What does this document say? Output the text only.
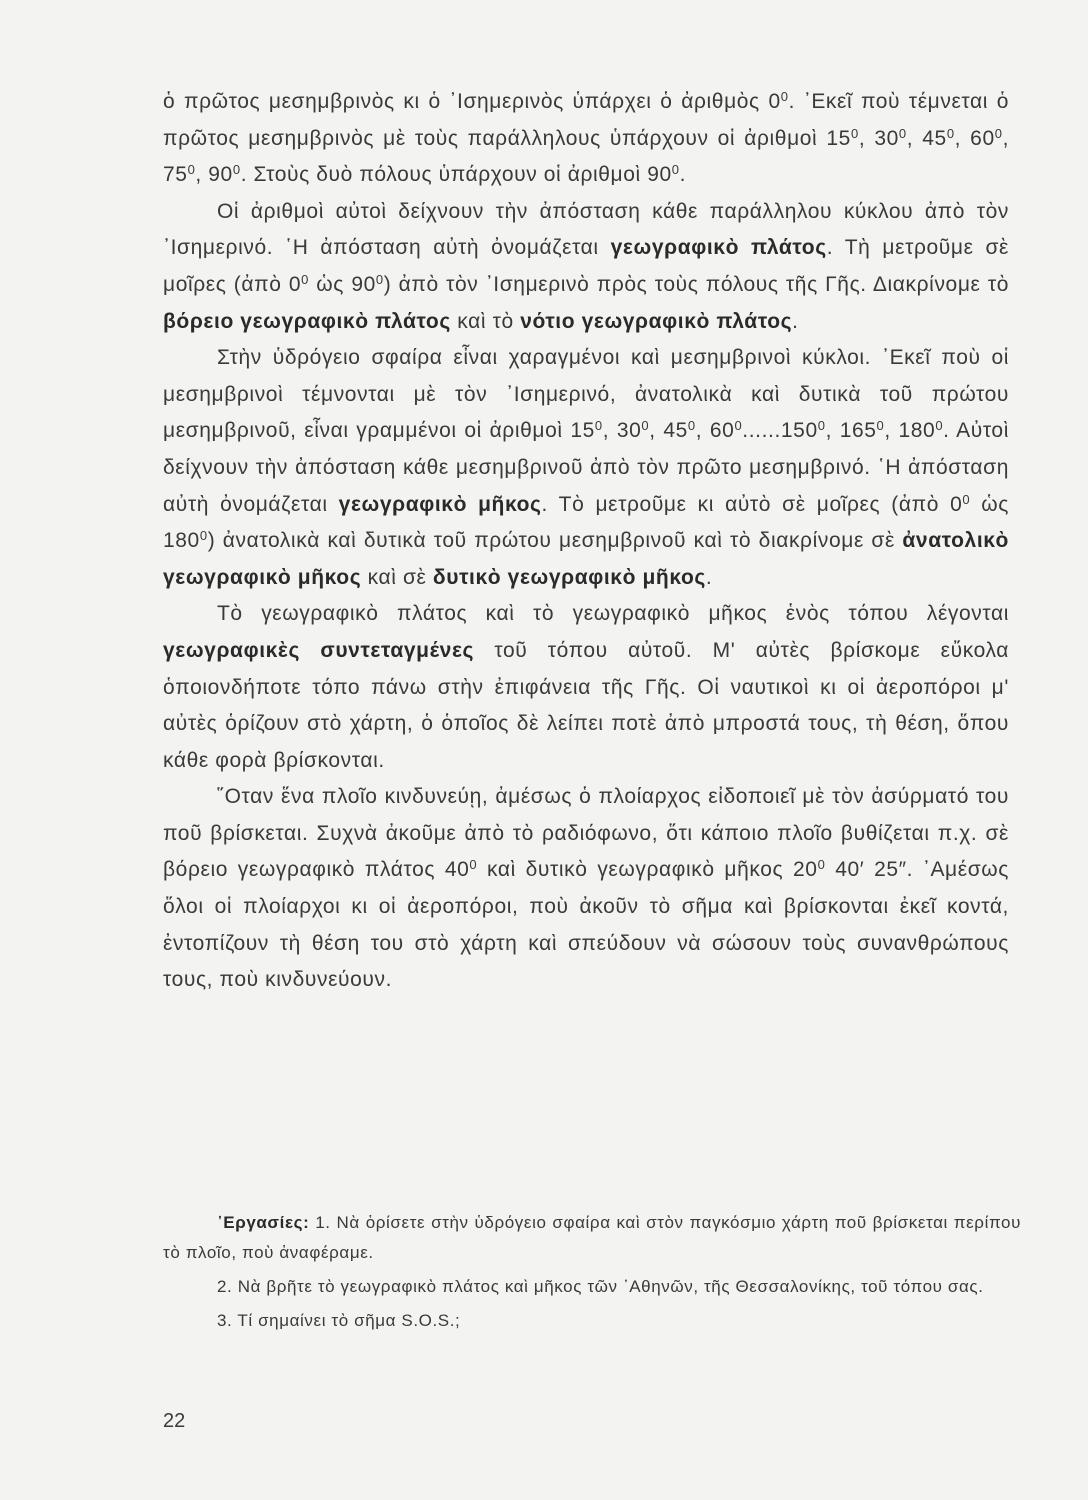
ὁ πρῶτος μεσημβρινὸς κι ὁ ᾿Ισημερινὸς ὑπάρχει ὁ ἀριθμὸς $0^0$. ᾿Εκεῖ ποὺ τέμνεται ὁ πρῶτος μεσημβρινὸς μὲ τοὺς παράλληλους ὑπάρχουν οἱ ἀριθμοὶ $15^0$, $30^0$, $45^0$, $60^0$, $75^0$, $90^0$. Στοὺς δυὸ πόλους ὑπάρχουν οἱ ἀριθμοὶ $90^0$.

Οἱ ἀριθμοὶ αὐτοὶ δείχνουν τὴν ἀπόσταση κάθε παράλληλου κύκλου ἀπὸ τὸν ᾿Ισημερινό. ῾Η ἀπόσταση αὐτὴ ὀνομάζεται γεωγραφικὸ πλάτος. Τὴ μετροῦμε σὲ μοῖρες (ἀπὸ $0^0$ ὡς $90^0$) ἀπὸ τὸν ᾿Ισημερινὸ πρὸς τοὺς πόλους τῆς Γῆς. Διακρίνομε τὸ βόρειο γεωγραφικὸ πλάτος καὶ τὸ νότιο γεωγραφικὸ πλάτος.

Στὴν ὑδρόγειο σφαίρα εἶναι χαραγμένοι καὶ μεσημβρινοὶ κύκλοι. ᾿Εκεῖ ποὺ οἱ μεσημβρινοὶ τέμνονται μὲ τὸν ᾿Ισημερινό, ἀνατολικὰ καὶ δυτικὰ τοῦ πρώτου μεσημβρινοῦ, εἶναι γραμμένοι οἱ ἀριθμοὶ $15^0$, $30^0$, $45^0$, $60^0......150^0$, $165^0$, $180^0$. Αὐτοὶ δείχνουν τὴν ἀπόσταση κάθε μεσημβρινοῦ ἀπὸ τὸν πρῶτο μεσημβρινό. ῾Η ἀπόσταση αὐτὴ ὀνομάζεται γεωγραφικὸ μῆκος. Τὸ μετροῦμε κι αὐτὸ σὲ μοῖρες (ἀπὸ $0^0$ ὡς $180^0$) ἀνατολικὰ καὶ δυτικὰ τοῦ πρώτου μεσημβρινοῦ καὶ τὸ διακρίνομε σὲ ἀνατολικὸ γεωγραφικὸ μῆκος καὶ σὲ δυτικὸ γεωγραφικὸ μῆκος.

Τὸ γεωγραφικὸ πλάτος καὶ τὸ γεωγραφικὸ μῆκος ἑνὸς τόπου λέγονται γεωγραφικὲς συντεταγμένες τοῦ τόπου αὐτοῦ. Μ' αὐτὲς βρίσκομε εὔκολα ὁποιονδήποτε τόπο πάνω στὴν ἐπιφάνεια τῆς Γῆς. Οἱ ναυτικοὶ κι οἱ ἀεροπόροι μ' αὐτὲς ὁρίζουν στὸ χάρτη, ὁ ὁποῖος δὲ λείπει ποτὲ ἀπὸ μπροστά τους, τὴ θέση, ὅπου κάθε φορὰ βρίσκονται.

῞Οταν ἕνα πλοῖο κινδυνεύῃ, ἀμέσως ὁ πλοίαρχος εἰδοποιεῖ μὲ τὸν ἀσύρματό του ποῦ βρίσκεται. Συχνὰ ἀκοῦμε ἀπὸ τὸ ραδιόφωνο, ὅτι κάποιο πλοῖο βυθίζεται π.χ. σὲ βόρειο γεωγραφικὸ πλάτος $40^0$ καὶ δυτικὸ γεωγραφικὸ μῆκος $20^0$ 40′ 25″. ᾿Αμέσως ὅλοι οἱ πλοίαρχοι κι οἱ ἀεροπόροι, ποὺ ἀκοῦν τὸ σῆμα καὶ βρίσκονται ἐκεῖ κοντά, ἐντοπίζουν τὴ θέση του στὸ χάρτη καὶ σπεύδουν νὰ σώσουν τοὺς συνανθρώπους τους, ποὺ κινδυνεύουν.

᾿Εργασίες: 1. Νὰ ὁρίσετε στὴν ὑδρόγειο σφαίρα καὶ στὸν παγκόσμιο χάρτη ποῦ βρίσκεται περίπου τὸ πλοῖο, ποὺ ἀναφέραμε.

2. Νὰ βρῆτε τὸ γεωγραφικὸ πλάτος καὶ μῆκος τῶν ᾿Αθηνῶν, τῆς Θεσσαλονίκης, τοῦ τόπου σας.

3. Τί σημαίνει τὸ σῆμα S.O.S.;

22
